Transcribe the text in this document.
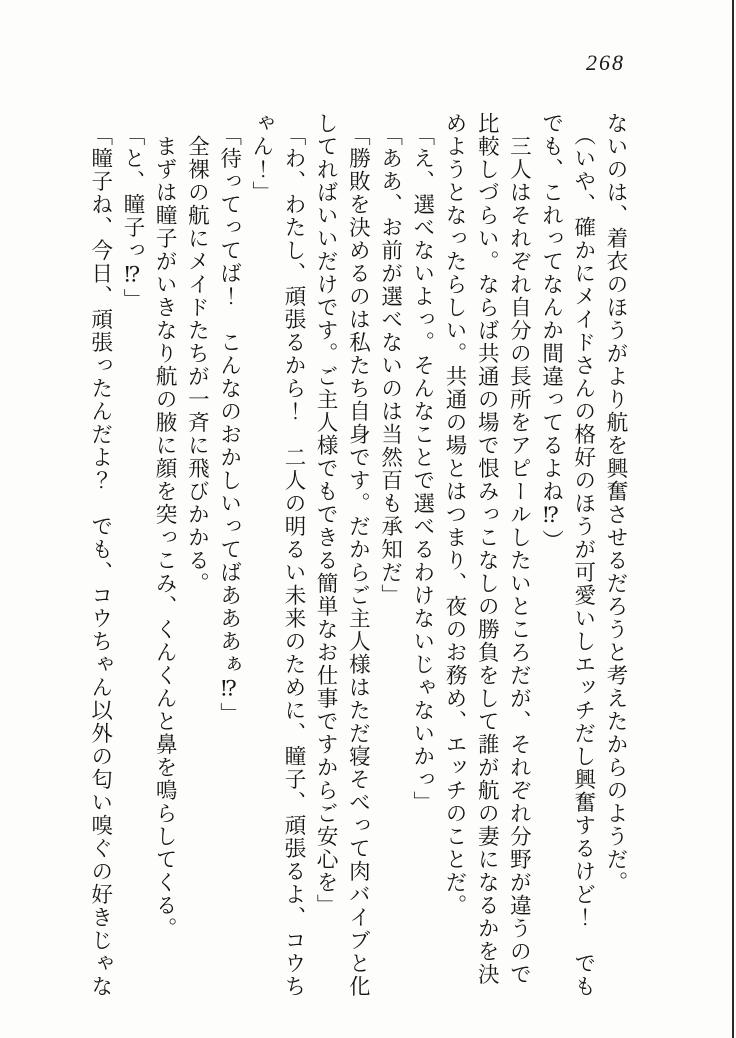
268

ないのは、着衣のほうがより航を興奮させるだろうと考えたからのようだ。

　（いや、確かにメイドさんの格好のほうが可愛いしエッチだし興奮するけど！　でも

でも、これってなんか間違ってるよね⁉）

　三人はそれぞれ自分の長所をアピールしたいところだが、それぞれ分野が違うので

比較しづらい。ならば共通の場で恨みっこなしの勝負をして誰が航の妻になるかを決

めようとなったらしい。共通の場とはつまり、夜のお務め、エッチのことだ。

　「え、選べないよっ。そんなことで選べるわけないじゃないかっ」

　「ああ、お前が選べないのは当然百も承知だ」

　「勝敗を決めるのは私たち自身です。だからご主人様はただ寝そべって肉バイブと化

してればいいだけです。ご主人様でもできる簡単なお仕事ですからご安心を」

　「わ、わたし、頑張るから！　二人の明るい未来のために、瞳子、頑張るよ、コウち

ゃん！」

　「待ってってば！　こんなのおかしいってばあああぁ⁉」

　全裸の航にメイドたちが一斉に飛びかかる。

　まずは瞳子がいきなり航の腋に顔を突っこみ、くんくんと鼻を鳴らしてくる。

　「と、瞳子っ⁉」

　「瞳子ね、今日、頑張ったんだよ？　でも、コウちゃん以外の匂い嗅ぐの好きじゃな
